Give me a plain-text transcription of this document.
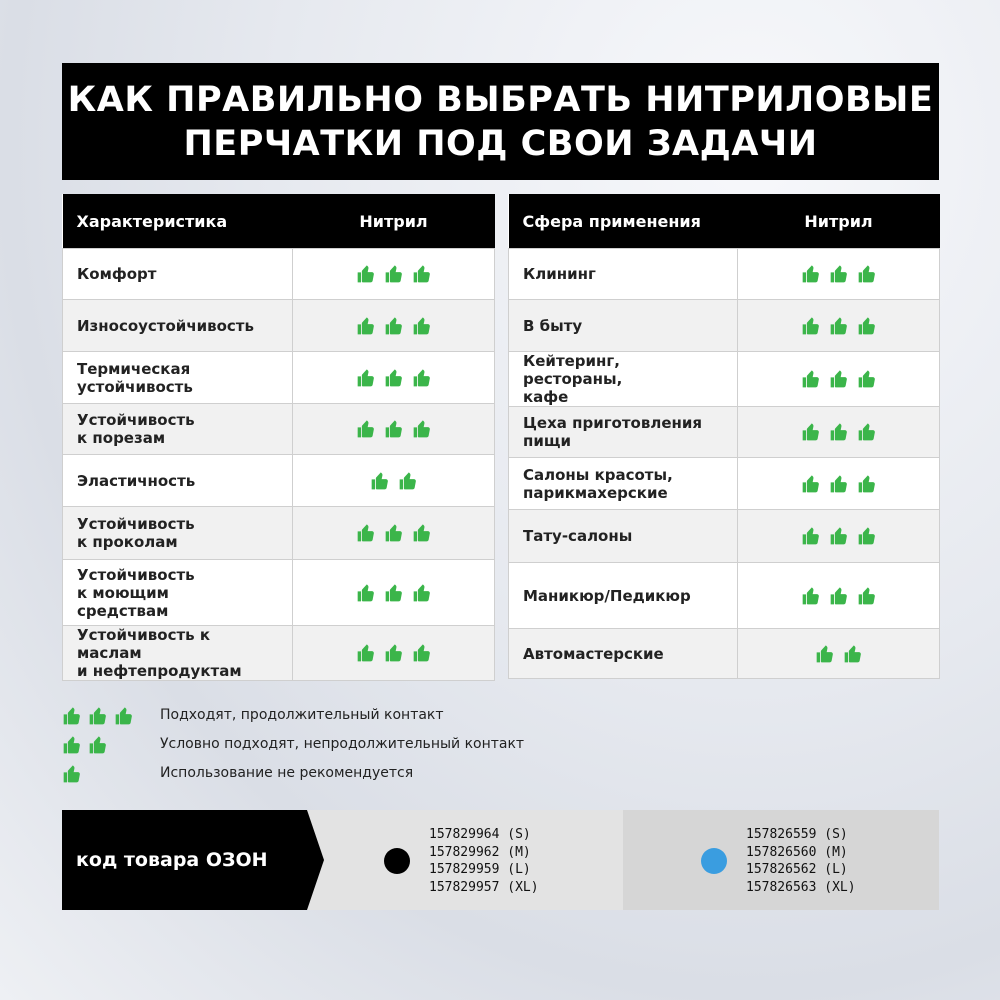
КАК ПРАВИЛЬНО ВЫБРАТЬ НИТРИЛОВЫЕ
ПЕРЧАТКИ ПОД СВОИ ЗАДАЧИ
Характеристика	Нитрил
Комфорт	

Износоустойчивость	

Термическая
устойчивость	

Устойчивость
к порезам	

Эластичность	

Устойчивость
к проколам	

Устойчивость
к моющим
средствам	

Устойчивость к маслам
и нефтепродуктам	
Сфера применения	Нитрил
Клининг	

В быту	

Кейтеринг, рестораны,
кафе	

Цеха приготовления
пищи	

Салоны красоты,
парикмахерские	

Тату-салоны	

Маникюр/Педикюр	

Автомастерские	
Подходят, продолжительный контакт
Условно подходят, непродолжительный контакт
Использование не рекомендуется
157829964 (S)
157829962 (M)
157829959 (L)
157829957 (XL)
157826559 (S)
157826560 (M)
157826562 (L)
157826563 (XL)
код товара ОЗОН
